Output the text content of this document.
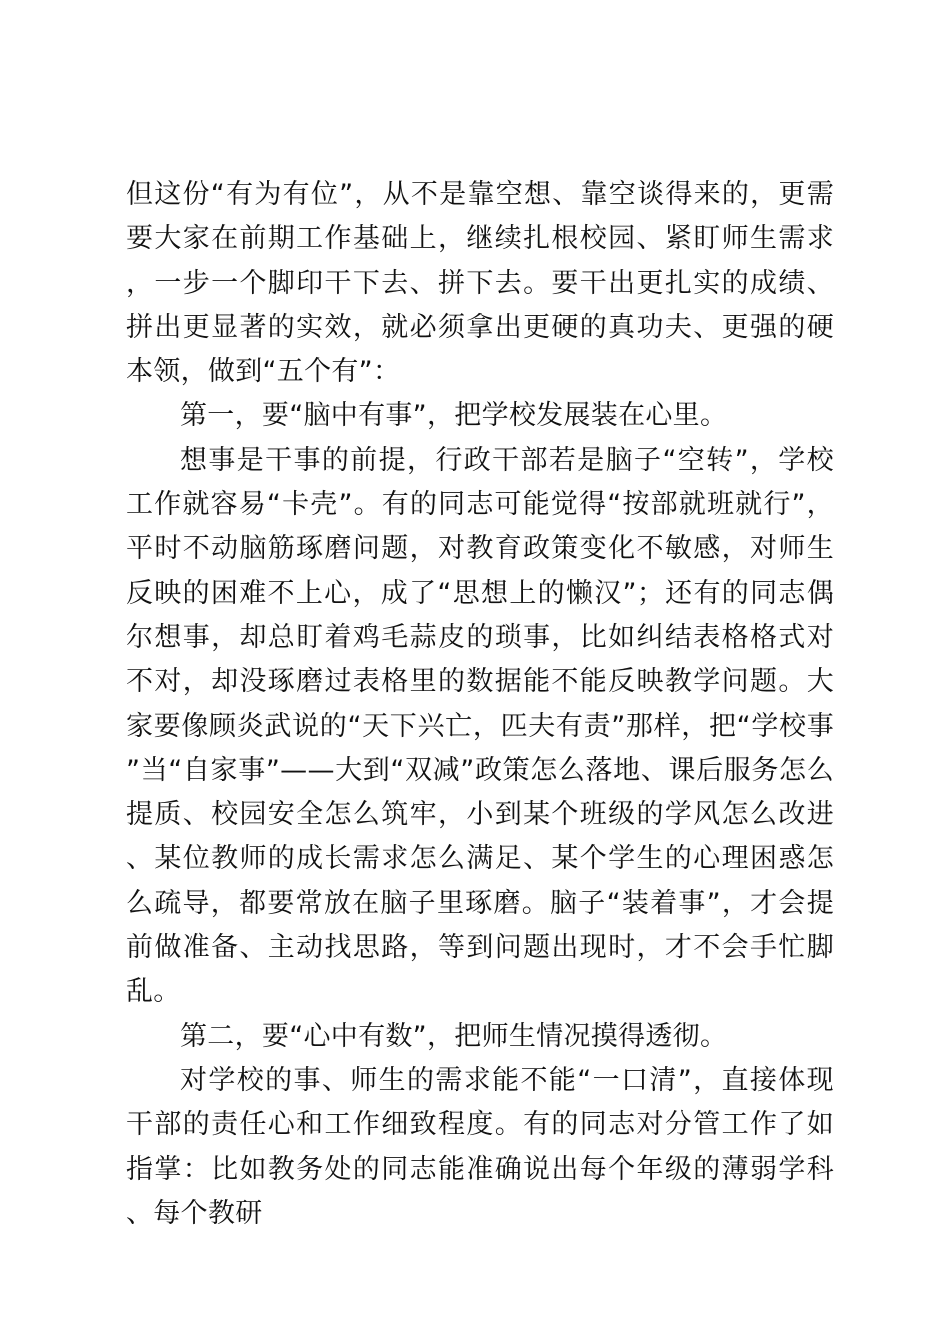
但这份“有为有位”，从不是靠空想、靠空谈得来的，更需要大家在前期工作基础上，继续扎根校园、紧盯师生需求，一步一个脚印干下去、拼下去。要干出更扎实的成绩、拼出更显著的实效，就必须拿出更硬的真功夫、更强的硬本领，做到“五个有”：

第一，要“脑中有事”，把学校发展装在心里。

想事是干事的前提，行政干部若是脑子“空转”，学校工作就容易“卡壳”。有的同志可能觉得“按部就班就行”，平时不动脑筋琢磨问题，对教育政策变化不敏感，对师生反映的困难不上心，成了“思想上的懒汉”；还有的同志偶尔想事，却总盯着鸡毛蒜皮的琐事，比如纠结表格格式对不对，却没琢磨过表格里的数据能不能反映教学问题。大家要像顾炎武说的“天下兴亡，匹夫有责”那样，把“学校事”当“自家事”——大到“双减”政策怎么落地、课后服务怎么提质、校园安全怎么筑牢，小到某个班级的学风怎么改进、某位教师的成长需求怎么满足、某个学生的心理困惑怎么疏导，都要常放在脑子里琢磨。脑子“装着事”，才会提前做准备、主动找思路，等到问题出现时，才不会手忙脚乱。

第二，要“心中有数”，把师生情况摸得透彻。

对学校的事、师生的需求能不能“一口清”，直接体现干部的责任心和工作细致程度。有的同志对分管工作了如指掌：比如教务处的同志能准确说出每个年级的薄弱学科、每个教研
